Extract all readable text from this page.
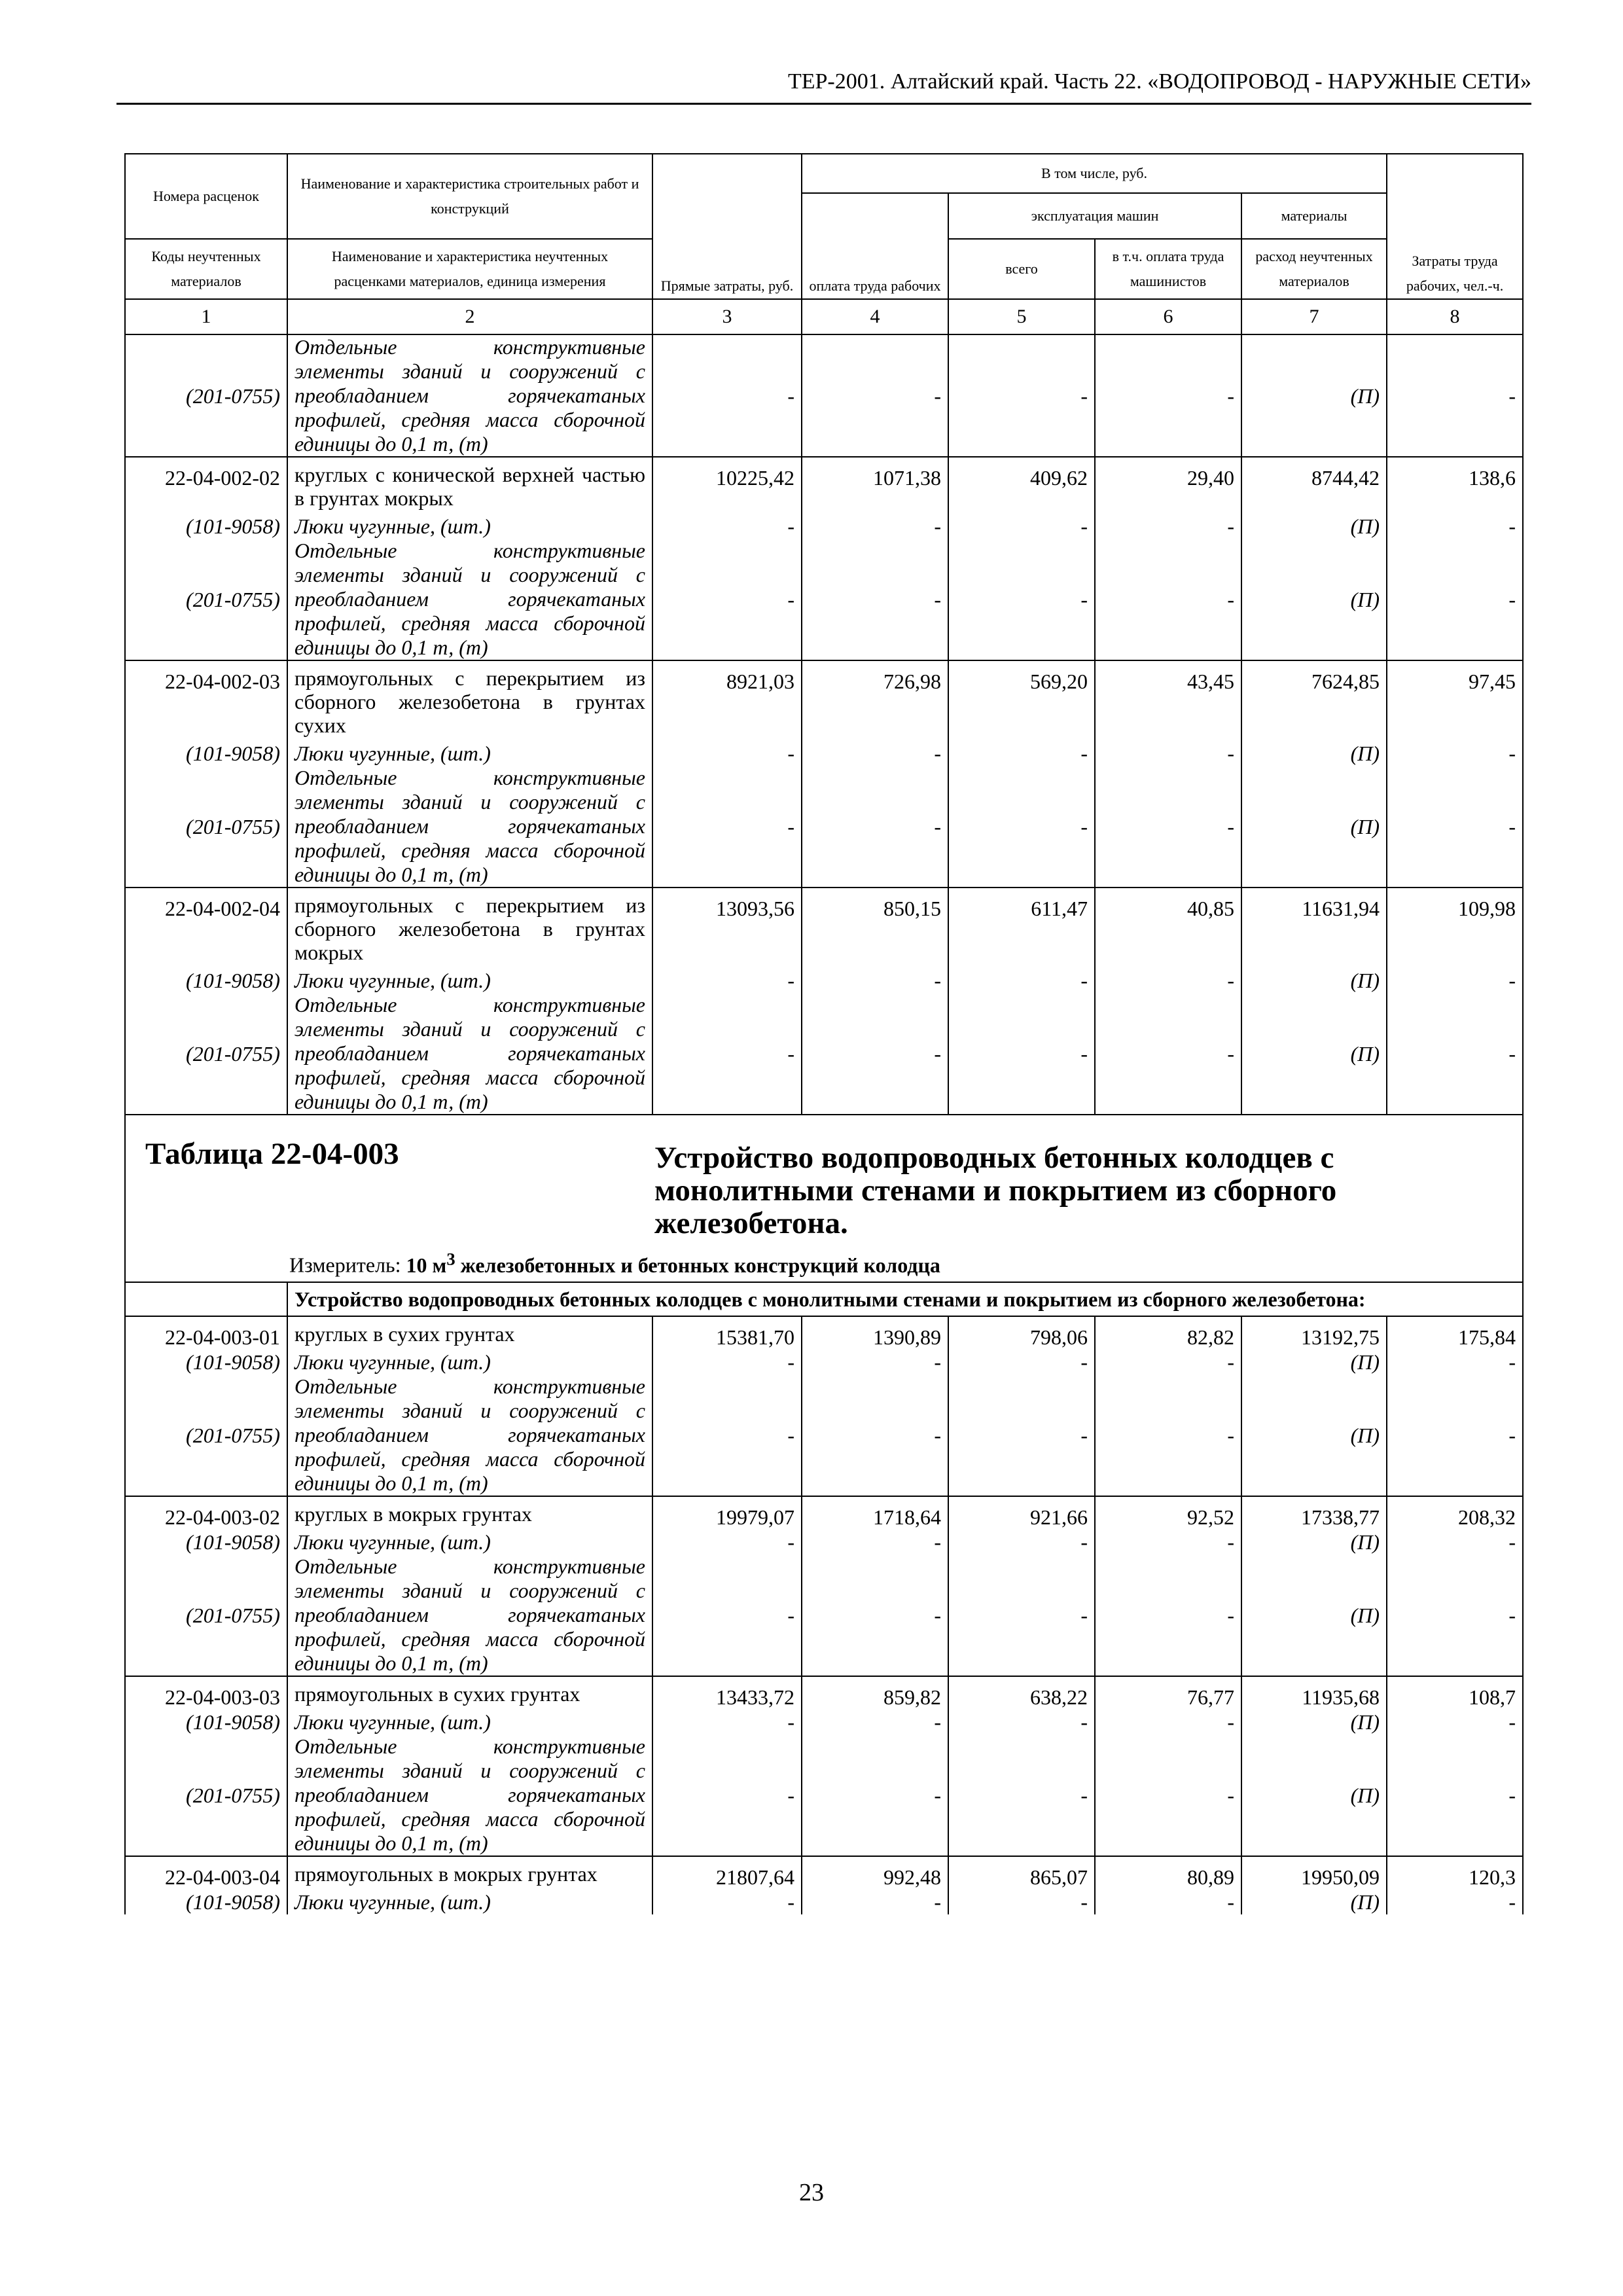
ТЕР-2001. Алтайский край. Часть 22. «ВОДОПРОВОД - НАРУЖНЫЕ СЕТИ»
Номера расценок	Наименование и характеристика строительных работ и конструкций	Прямые затраты, руб.	В том числе, руб.				Затраты труда рабочих, чел.-ч.
			оплата труда рабочих	эксплуатация машин		материалы	
Коды неучтенных материалов	Наименование и характеристика неучтенных расценками материалов, единица измерения			всего	в т.ч. оплата труда машинистов	расход неучтенных материалов	
1	2	3	4	5	6	7	8
(201-0755)	Отдельные конструктивные элементы зданий и сооружений с преобладанием горячекатаных профилей, средняя масса сборочной единицы до 0,1 т, (т)	-	-	-	-	(П)	-
22-04-002-02	круглых с конической верхней частью в грунтах мокрых	10225,42	1071,38	409,62	29,40	8744,42	138,6
(101-9058)	Люки чугунные, (шт.)	-	-	-	-	(П)	-
(201-0755)	Отдельные конструктивные элементы зданий и сооружений с преобладанием горячекатаных профилей, средняя масса сборочной единицы до 0,1 т, (т)	-	-	-	-	(П)	-
22-04-002-03	прямоугольных с перекрытием из сборного железобетона в грунтах сухих	8921,03	726,98	569,20	43,45	7624,85	97,45
(101-9058)	Люки чугунные, (шт.)	-	-	-	-	(П)	-
(201-0755)	Отдельные конструктивные элементы зданий и сооружений с преобладанием горячекатаных профилей, средняя масса сборочной единицы до 0,1 т, (т)	-	-	-	-	(П)	-
22-04-002-04	прямоугольных с перекрытием из сборного железобетона в грунтах мокрых	13093,56	850,15	611,47	40,85	11631,94	109,98
(101-9058)	Люки чугунные, (шт.)	-	-	-	-	(П)	-
(201-0755)	Отдельные конструктивные элементы зданий и сооружений с преобладанием горячекатаных профилей, средняя масса сборочной единицы до 0,1 т, (т)	-	-	-	-	(П)	-

Таблица 22-04-003 Устройство водопроводных бетонных колодцев с монолитными стенами и покрытием из сборного железобетона.
Измеритель: 10 $м^3$ железобетонных и бетонных конструкций колодца							

	Устройство водопроводных бетонных колодцев с монолитными стенами и покрытием из сборного железобетона:						
22-04-003-01	круглых в сухих грунтах	15381,70	1390,89	798,06	82,82	13192,75	175,84
(101-9058)	Люки чугунные, (шт.)	-	-	-	-	(П)	-
(201-0755)	Отдельные конструктивные элементы зданий и сооружений с преобладанием горячекатаных профилей, средняя масса сборочной единицы до 0,1 т, (т)	-	-	-	-	(П)	-
22-04-003-02	круглых в мокрых грунтах	19979,07	1718,64	921,66	92,52	17338,77	208,32
(101-9058)	Люки чугунные, (шт.)	-	-	-	-	(П)	-
(201-0755)	Отдельные конструктивные элементы зданий и сооружений с преобладанием горячекатаных профилей, средняя масса сборочной единицы до 0,1 т, (т)	-	-	-	-	(П)	-
22-04-003-03	прямоугольных в сухих грунтах	13433,72	859,82	638,22	76,77	11935,68	108,7
(101-9058)	Люки чугунные, (шт.)	-	-	-	-	(П)	-
(201-0755)	Отдельные конструктивные элементы зданий и сооружений с преобладанием горячекатаных профилей, средняя масса сборочной единицы до 0,1 т, (т)	-	-	-	-	(П)	-
22-04-003-04	прямоугольных в мокрых грунтах	21807,64	992,48	865,07	80,89	19950,09	120,3
(101-9058)	Люки чугунные, (шт.)	-	-	-	-	(П)	-
23
